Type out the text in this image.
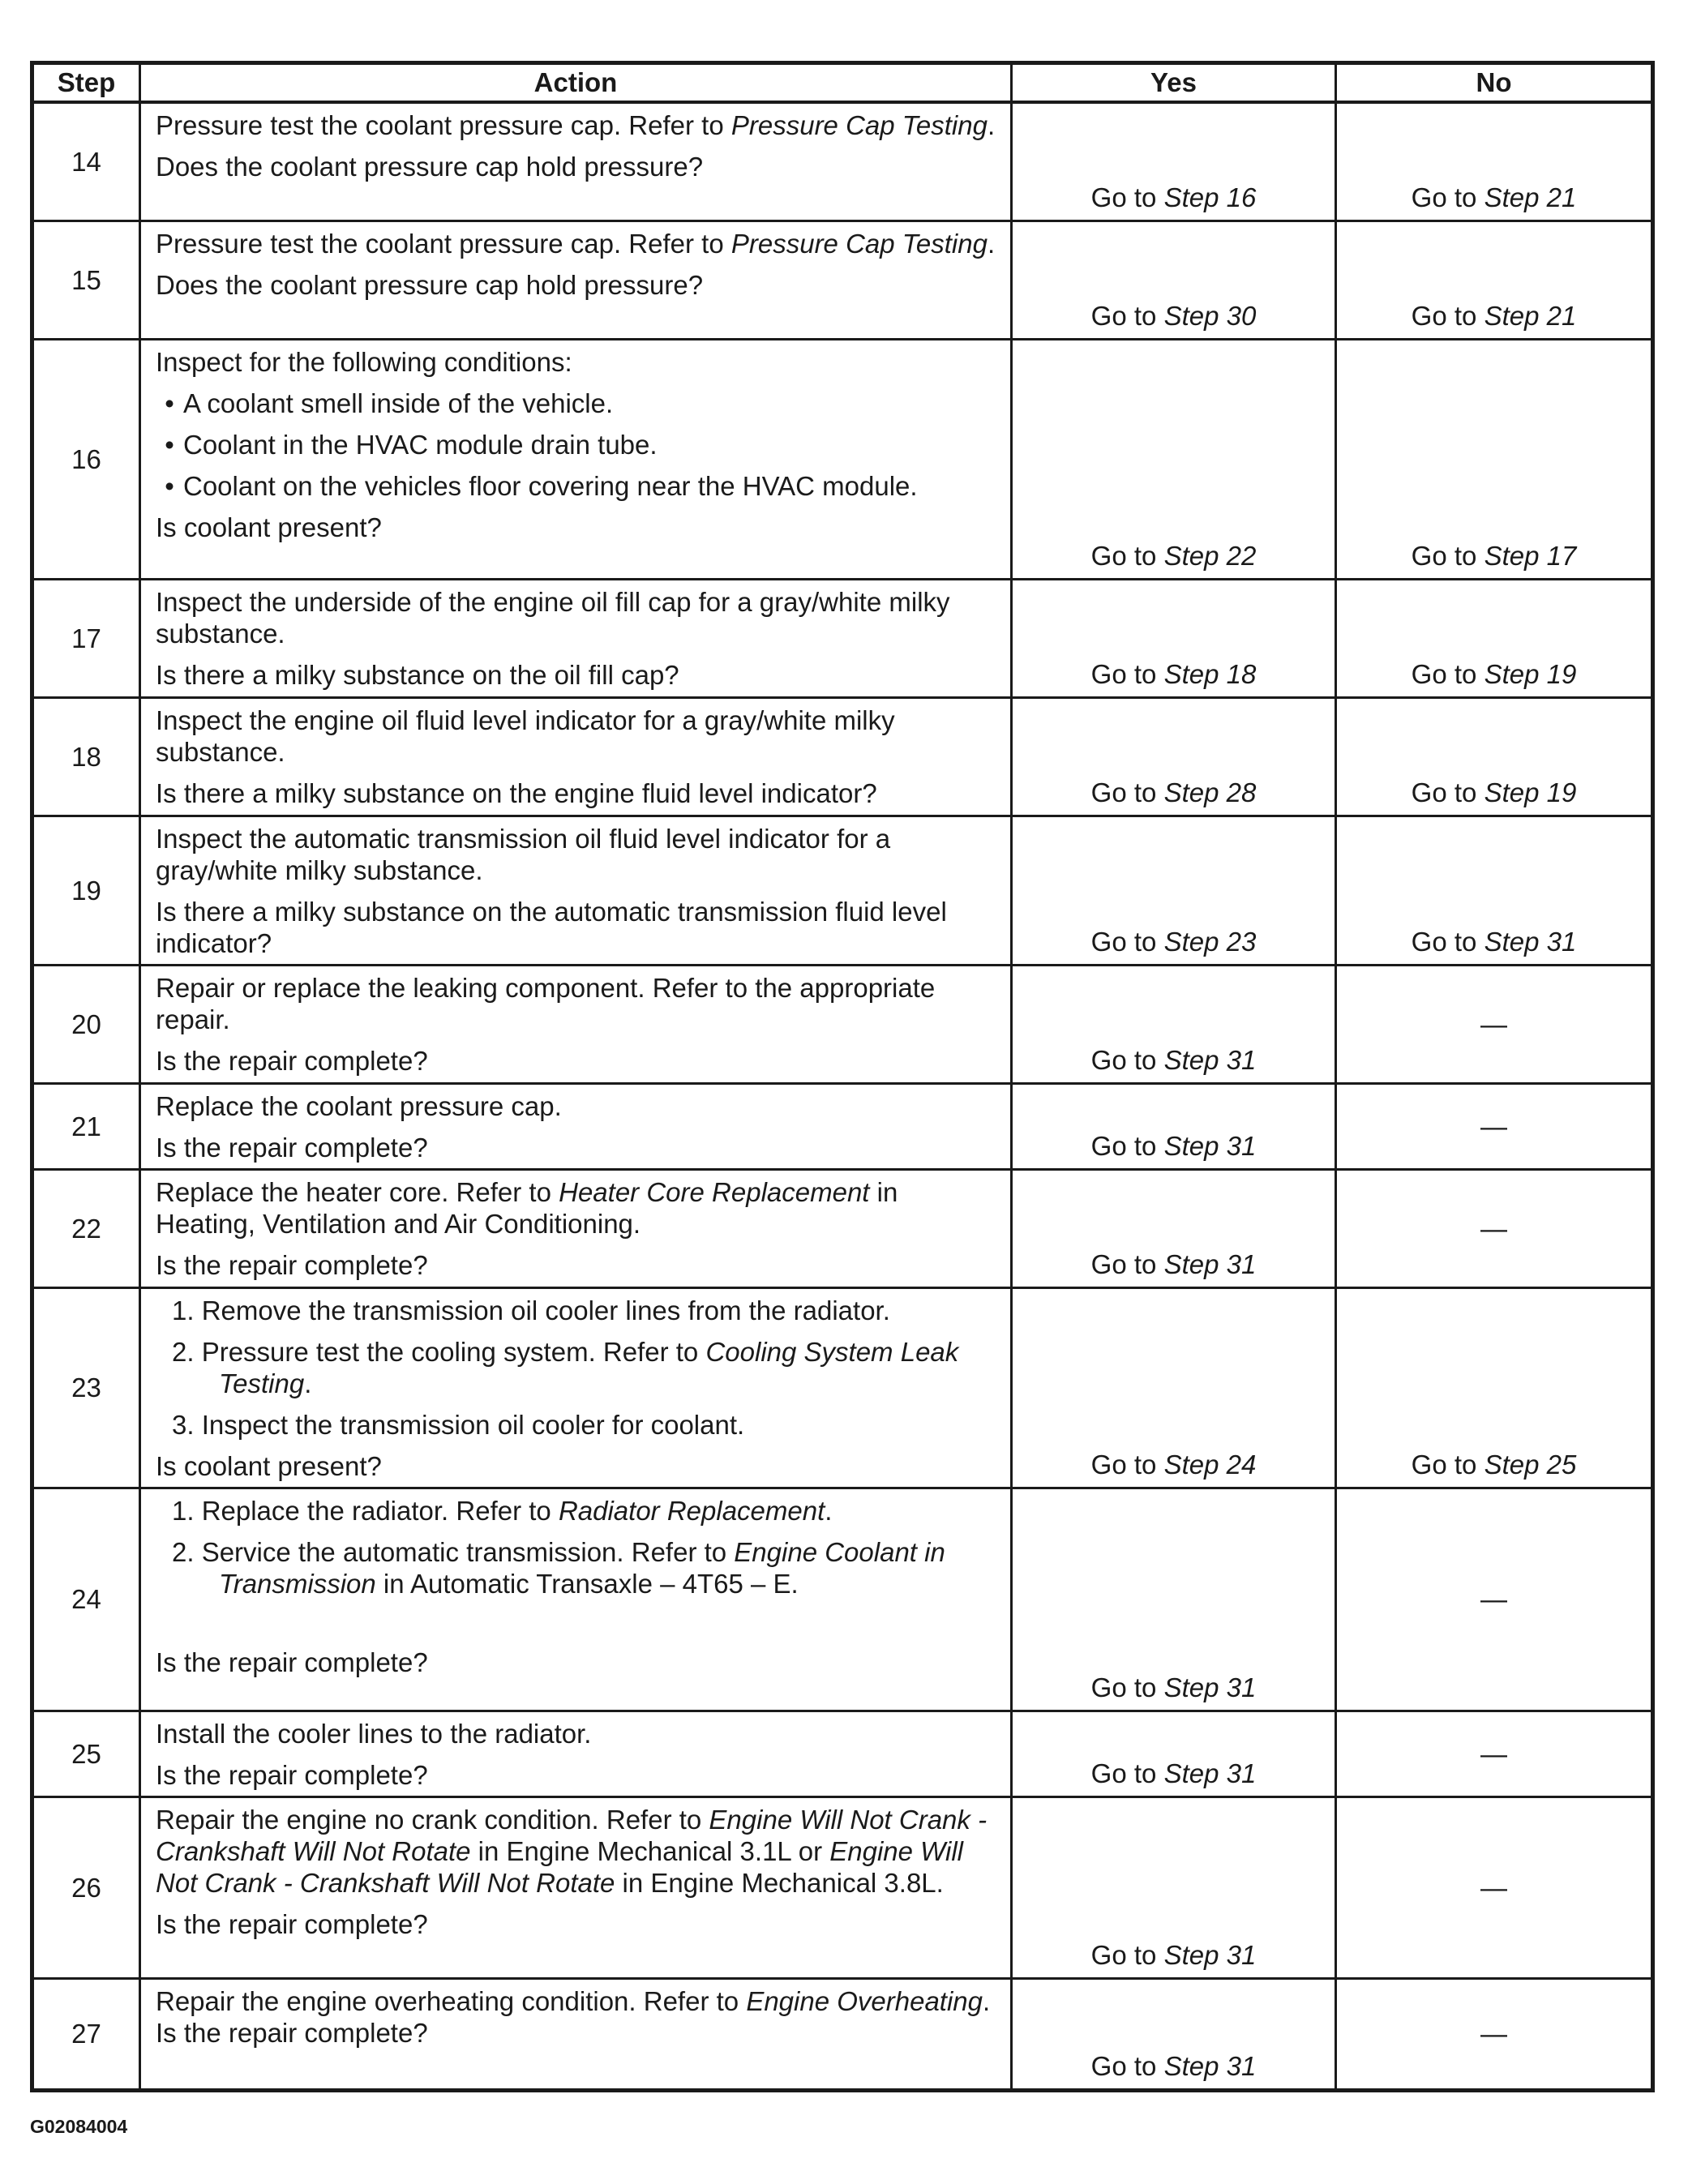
Step	Action	Yes	No
14	Pressure test the coolant pressure cap. Refer to Pressure Cap Testing.
Does the coolant pressure cap hold pressure?	Go to Step 16	Go to Step 21
15	Pressure test the coolant pressure cap. Refer to Pressure Cap Testing.
Does the coolant pressure cap hold pressure?	Go to Step 30	Go to Step 21
16	Inspect for the following conditions:
• A coolant smell inside of the vehicle.
• Coolant in the HVAC module drain tube.
• Coolant on the vehicles floor covering near the HVAC module.
Is coolant present?	Go to Step 22	Go to Step 17
17	Inspect the underside of the engine oil fill cap for a gray/white milky substance.
Is there a milky substance on the oil fill cap?	Go to Step 18	Go to Step 19
18	Inspect the engine oil fluid level indicator for a gray/white milky substance.
Is there a milky substance on the engine fluid level indicator?	Go to Step 28	Go to Step 19
19	Inspect the automatic transmission oil fluid level indicator for a gray/white milky substance.
Is there a milky substance on the automatic transmission fluid level indicator?	Go to Step 23	Go to Step 31
20	Repair or replace the leaking component. Refer to the appropriate repair.
Is the repair complete?	Go to Step 31	—
21	Replace the coolant pressure cap.
Is the repair complete?	Go to Step 31	—
22	Replace the heater core. Refer to Heater Core Replacement in Heating, Ventilation and Air Conditioning.
Is the repair complete?	Go to Step 31	—
23	1. Remove the transmission oil cooler lines from the radiator.
2. Pressure test the cooling system. Refer to Cooling System Leak Testing.
3. Inspect the transmission oil cooler for coolant.
Is coolant present?	Go to Step 24	Go to Step 25
24	1. Replace the radiator. Refer to Radiator Replacement.
2. Service the automatic transmission. Refer to Engine Coolant in Transmission in Automatic Transaxle – 4T65 – E.
Is the repair complete?	Go to Step 31	—
25	Install the cooler lines to the radiator.
Is the repair complete?	Go to Step 31	—
26	Repair the engine no crank condition. Refer to Engine Will Not Crank - Crankshaft Will Not Rotate in Engine Mechanical 3.1L or Engine Will Not Crank - Crankshaft Will Not Rotate in Engine Mechanical 3.8L.
Is the repair complete?	Go to Step 31	—
27	Repair the engine overheating condition. Refer to Engine Overheating.
Is the repair complete?	Go to Step 31	—
G02084004
